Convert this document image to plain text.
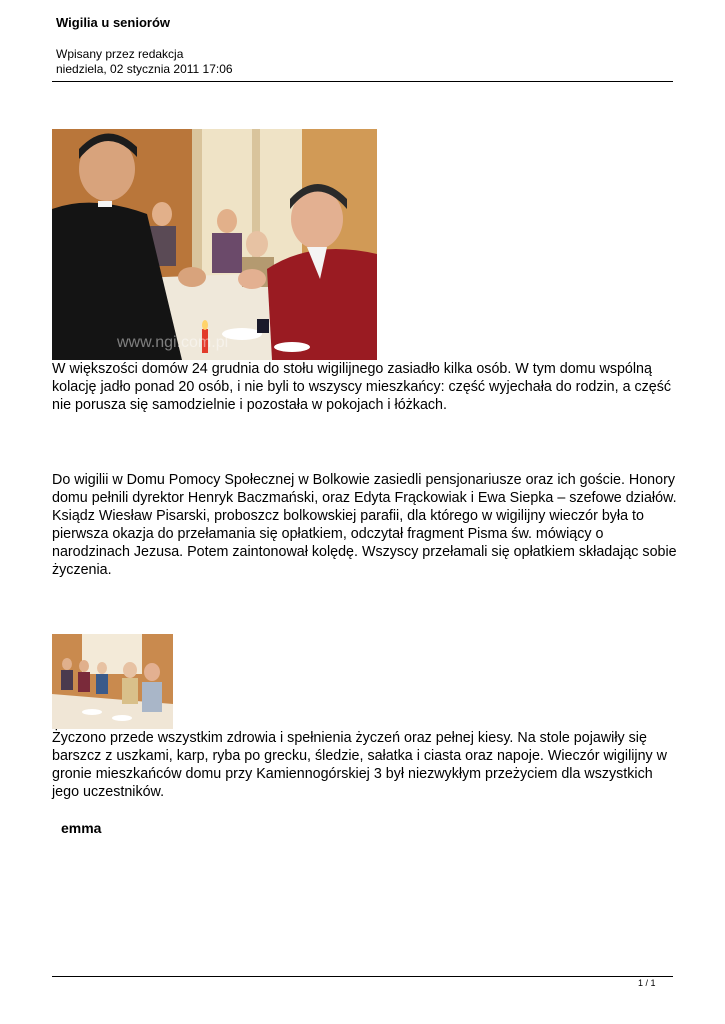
Wigilia u seniorów
Wpisany przez redakcja
niedziela, 02 stycznia 2011 17:06
www.ngi.com.pl
W większości domów 24 grudnia do stołu wigilijnego zasiadło kilka osób. W tym domu wspólną kolację jadło ponad 20 osób, i nie byli to wszyscy mieszkańcy: część wyjechała do rodzin, a część nie porusza się samodzielnie i pozostała w pokojach i łóżkach.
Do wigilii w Domu Pomocy Społecznej w Bolkowie zasiedli pensjonariusze oraz ich goście. Honory domu pełnili dyrektor Henryk Baczmański, oraz Edyta Frąckowiak i Ewa Siepka – szefowe działów. Ksiądz Wiesław Pisarski, proboszcz bolkowskiej parafii, dla którego w wigilijny wieczór była to pierwsza okazja do przełamania się opłatkiem, odczytał fragment Pisma św. mówiący o narodzinach Jezusa. Potem zaintonował kolędę. Wszyscy przełamali się opłatkiem składając sobie życzenia.
Życzono przede wszystkim zdrowia i spełnienia życzeń oraz pełnej kiesy. Na stole pojawiły się barszcz z uszkami, karp, ryba po grecku, śledzie, sałatka i ciasta oraz napoje. Wieczór wigilijny w gronie mieszkańców domu przy Kamiennogórskiej 3 był niezwykłym przeżyciem dla wszystkich jego uczestników.
emma
1 / 1
